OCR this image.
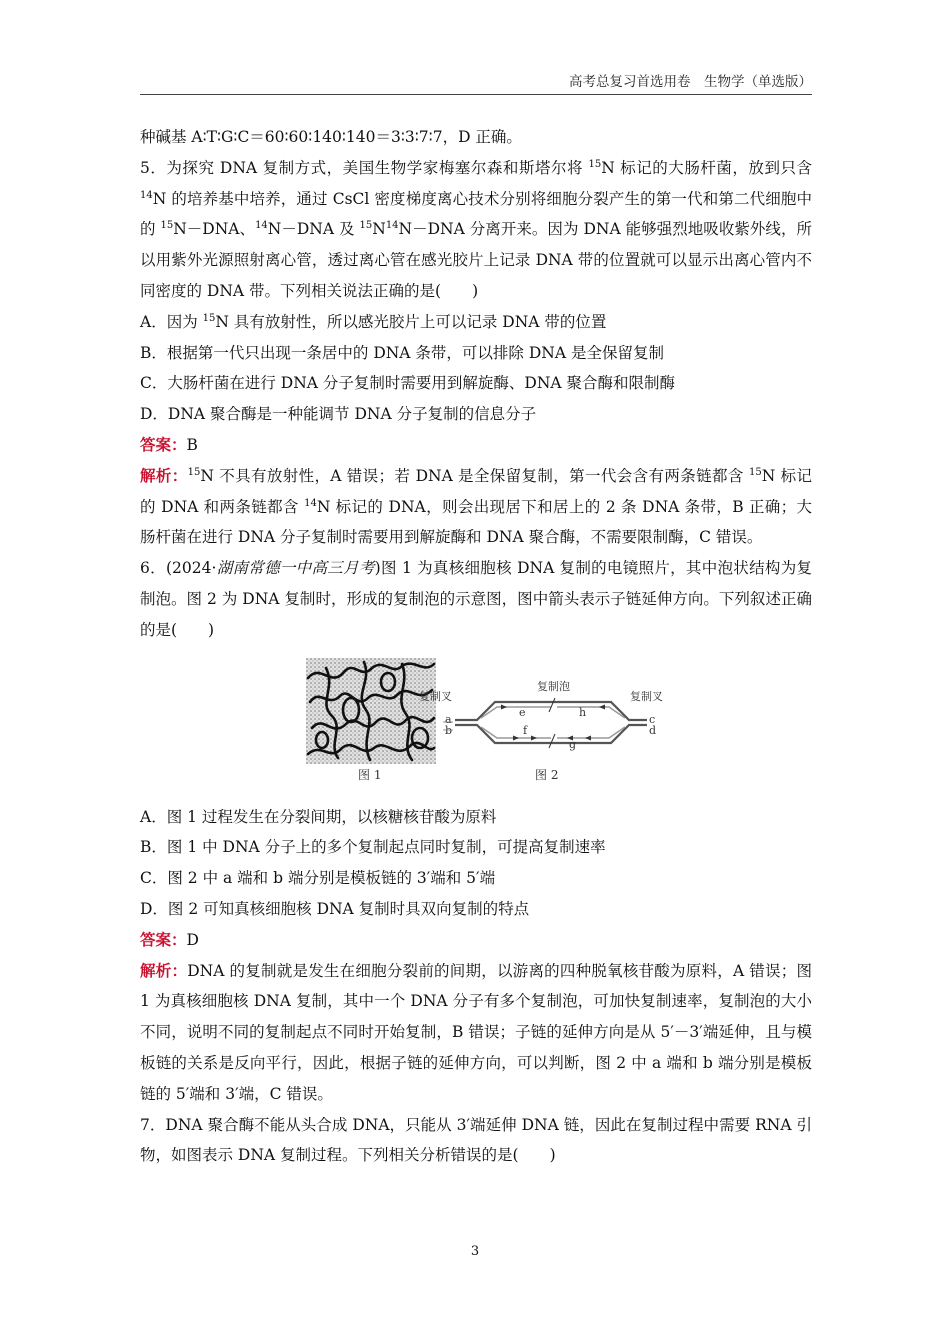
高考总复习首选用卷　生物学（单选版）

种碱基 A∶T∶G∶C＝60∶60∶140∶140＝3∶3∶7∶7，D 正确。

5．为探究 DNA 复制方式，美国生物学家梅塞尔森和斯塔尔将 $^{15}$N 标记的大肠杆菌，放到只含 $^{14}$N 的培养基中培养，通过 CsCl 密度梯度离心技术分别将细胞分裂产生的第一代和第二代细胞中的 $^{15}$N－DNA、$^{14}$N－DNA 及 $^{15}N^{14}N-DNA$ 分离开来。因为 DNA 能够强烈地吸收紫外线，所以用紫外光源照射离心管，透过离心管在感光胶片上记录 DNA 带的位置就可以显示出离心管内不同密度的 DNA 带。下列相关说法正确的是(　　)

A．因为 $^{15}$N 具有放射性，所以感光胶片上可以记录 DNA 带的位置

B．根据第一代只出现一条居中的 DNA 条带，可以排除 DNA 是全保留复制

C．大肠杆菌在进行 DNA 分子复制时需要用到解旋酶、DNA 聚合酶和限制酶

D．DNA 聚合酶是一种能调节 DNA 分子复制的信息分子

答案：B

解析：$^{15}$N 不具有放射性，A 错误；若 DNA 是全保留复制，第一代会含有两条链都含 $^{15}$N 标记的 DNA 和两条链都含 $^{14}$N 标记的 DNA，则会出现居下和居上的 2 条 DNA 条带，B 正确；大肠杆菌在进行 DNA 分子复制时需要用到解旋酶和 DNA 聚合酶，不需要限制酶，C 错误。

6．(2024·湖南常德一中高三月考)图 1 为真核细胞核 DNA 复制的电镜照片，其中泡状结构为复制泡。图 2 为 DNA 复制时，形成的复制泡的示意图，图中箭头表示子链延伸方向。下列叙述正确的是(　　)

图 1
复制泡
复制叉	复制叉
a
b
c
d
e
f
g
h
图 2

A．图 1 过程发生在分裂间期，以核糖核苷酸为原料

B．图 1 中 DNA 分子上的多个复制起点同时复制，可提高复制速率

C．图 2 中 a 端和 b 端分别是模板链的 3′端和 5′端

D．图 2 可知真核细胞核 DNA 复制时具双向复制的特点

答案：D

解析：DNA 的复制就是发生在细胞分裂前的间期，以游离的四种脱氧核苷酸为原料，A 错误；图 1 为真核细胞核 DNA 复制，其中一个 DNA 分子有多个复制泡，可加快复制速率，复制泡的大小不同，说明不同的复制起点不同时开始复制，B 错误；子链的延伸方向是从 5′－3′端延伸，且与模板链的关系是反向平行，因此，根据子链的延伸方向，可以判断，图 2 中 a 端和 b 端分别是模板链的 5′端和 3′端，C 错误。

7．DNA 聚合酶不能从头合成 DNA，只能从 3′端延伸 DNA 链，因此在复制过程中需要 RNA 引物，如图表示 DNA 复制过程。下列相关分析错误的是(　　)

3
